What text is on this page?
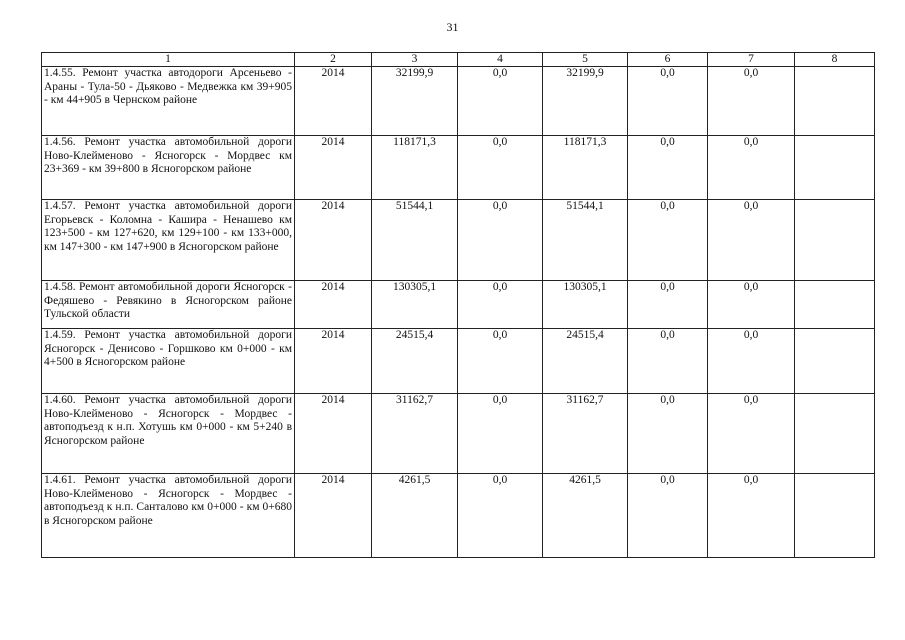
31
1	2	3	4	5	6	7	8
1.4.55. Ремонт участка автодороги Арсеньево - Араны - Тула-50 - Дьяково - Медвежка км 39+905 - км 44+905 в Чернском районе	2014	32199,9	0,0	32199,9	0,0	0,0	
1.4.56. Ремонт участка автомобильной дороги Ново-Клейменово - Ясногорск - Мордвес км 23+369 - км 39+800 в Ясногорском районе	2014	118171,3	0,0	118171,3	0,0	0,0	
1.4.57. Ремонт участка автомобильной дороги Егорьевск - Коломна - Кашира - Ненашево км 123+500 - км 127+620, км 129+100 - км 133+000, км 147+300 - км 147+900 в Ясногорском районе	2014	51544,1	0,0	51544,1	0,0	0,0	
1.4.58. Ремонт автомобильной дороги Ясногорск - Федяшево - Ревякино в Ясногорском районе Тульской области	2014	130305,1	0,0	130305,1	0,0	0,0	
1.4.59. Ремонт участка автомобильной дороги Ясногорск - Денисово - Горшково км 0+000 - км 4+500 в Ясногорском районе	2014	24515,4	0,0	24515,4	0,0	0,0	
1.4.60. Ремонт участка автомобильной дороги Ново-Клейменово - Ясногорск - Мордвес - автоподъезд к н.п. Хотушь км 0+000 - км 5+240 в Ясногорском районе	2014	31162,7	0,0	31162,7	0,0	0,0	
1.4.61. Ремонт участка автомобильной дороги Ново-Клейменово - Ясногорск - Мордвес - автоподъезд к н.п. Санталово км 0+000 - км 0+680 в Ясногорском районе	2014	4261,5	0,0	4261,5	0,0	0,0	
